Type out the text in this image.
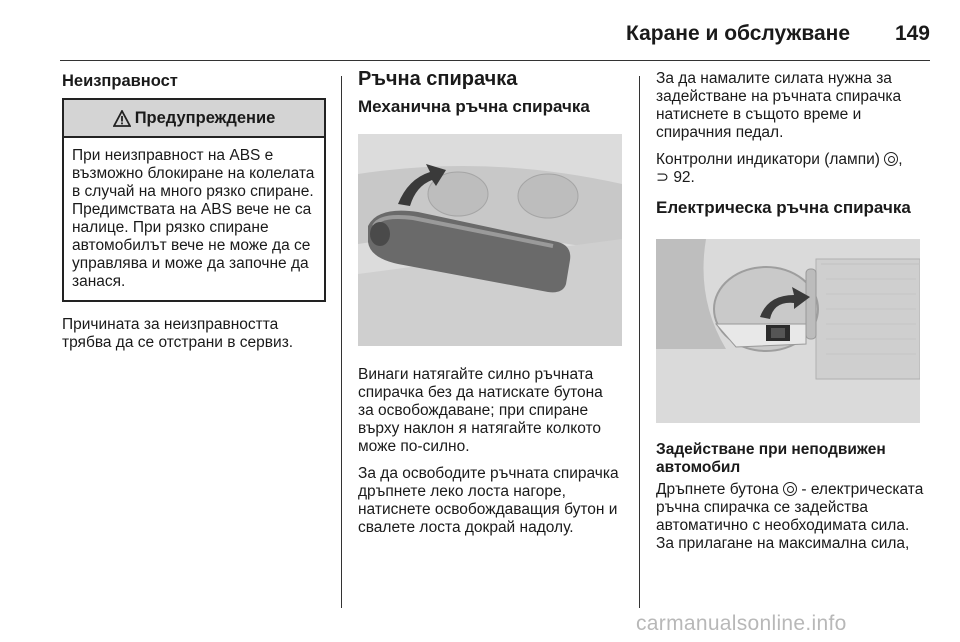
Каране и обслужване	149
Неизправност
Предупреждение
При неизправност на ABS е възможно блокиране на колелата в случай на много рязко спиране. Предимствата на ABS вече не са налице. При рязко спиране автомобилът вече не може да се управлява и може да започне да занася.

Причината за неизправността трябва да се отстрани в сервиз.

Ръчна спирачка
Механична ръчна спирачка

Винаги натягайте силно ръчната спирачка без да натискате бутона за освобождаване; при спиране върху наклон я натягайте колкото може по-силно.

За да освободите ръчната спирачка дръпнете леко лоста нагоре, натиснете освобождаващия бутон и свалете лоста докрай надолу.

За да намалите силата нужна за задействане на ръчната спирачка натиснете в същото време и спирачния педал.

Контролни индикатори (лампи) ,
⊃ 92.

Електрическа ръчна спирачка
Задействане при неподвижен автомобил

Дръпнете бутона - електрическата ръчна спирачка се задейства автоматично с необходимата сила. За прилагане на максимална сила,

carmanualsonline.info
